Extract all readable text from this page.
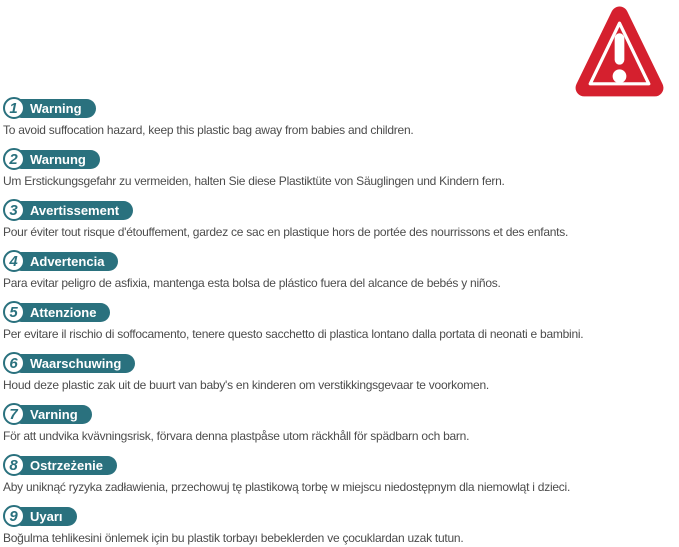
1 Warning

To avoid suffocation hazard, keep this plastic bag away from babies and children.

2 Warnung

Um Erstickungsgefahr zu vermeiden, halten Sie diese Plastiktüte von Säuglingen und Kindern fern.

3 Avertissement

Pour éviter tout risque d'étouffement, gardez ce sac en plastique hors de portée des nourrissons et des enfants.

4 Advertencia

Para evitar peligro de asfixia, mantenga esta bolsa de plástico fuera del alcance de bebés y niños.

5 Attenzione

Per evitare il rischio di soffocamento, tenere questo sacchetto di plastica lontano dalla portata di neonati e bambini.

6 Waarschuwing

Houd deze plastic zak uit de buurt van baby's en kinderen om verstikkingsgevaar te voorkomen.

7 Varning

För att undvika kvävningsrisk, förvara denna plastpåse utom räckhåll för spädbarn och barn.

8 Ostrzeżenie

Aby uniknąć ryzyka zadławienia, przechowuj tę plastikową torbę w miejscu niedostępnym dla niemowląt i dzieci.

9 Uyarı

Boğulma tehlikesini önlemek için bu plastik torbayı bebeklerden ve çocuklardan uzak tutun.
